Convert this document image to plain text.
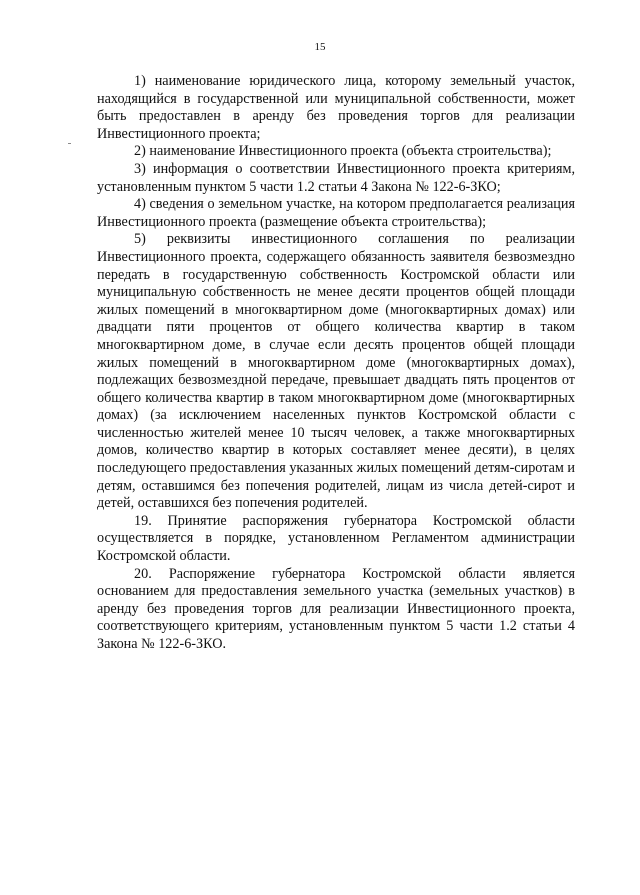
15

1) наименование юридического лица, которому земельный участок, находящийся в государственной или муниципальной собственности, может быть предоставлен в аренду без проведения торгов для реализации Инвестиционного проекта;

2) наименование Инвестиционного проекта (объекта строительства);

3) информация о соответствии Инвестиционного проекта критериям, установленным пунктом 5 части 1.2 статьи 4 Закона № 122-6-ЗКО;

4) сведения о земельном участке, на котором предполагается реализация Инвестиционного проекта (размещение объекта строительства);

5) реквизиты инвестиционного соглашения по реализации Инвестиционного проекта, содержащего обязанность заявителя безвозмездно передать в государственную собственность Костромской области или муниципальную собственность не менее десяти процентов общей площади жилых помещений в многоквартирном доме (многоквартирных домах) или двадцати пяти процентов от общего количества квартир в таком многоквартирном доме, в случае если десять процентов общей площади жилых помещений в многоквартирном доме (многоквартирных домах), подлежащих безвозмездной передаче, превышает двадцать пять процентов от общего количества квартир в таком многоквартирном доме (многоквартирных домах) (за исключением населенных пунктов Костромской области с численностью жителей менее 10 тысяч человек, а также многоквартирных домов, количество квартир в которых составляет менее десяти), в целях последующего предоставления указанных жилых помещений детям-сиротам и детям, оставшимся без попечения родителей, лицам из числа детей-сирот и детей, оставшихся без попечения родителей.

19. Принятие распоряжения губернатора Костромской области осуществляется в порядке, установленном Регламентом администрации Костромской области.

20. Распоряжение губернатора Костромской области является основанием для предоставления земельного участка (земельных участков) в аренду без проведения торгов для реализации Инвестиционного проекта, соответствующего критериям, установленным пунктом 5 части 1.2 статьи 4 Закона № 122-6-ЗКО.
